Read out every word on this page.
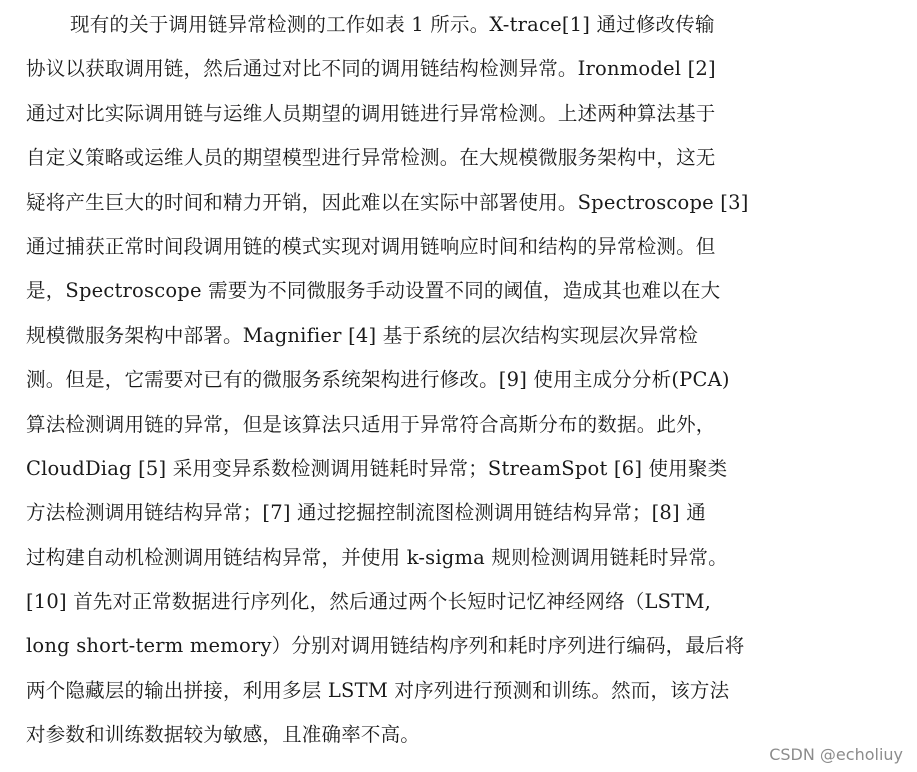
现有的关于调用链异常检测的工作如表 1 所示。X-trace[1] 通过修改传输
协议以获取调用链，然后通过对比不同的调用链结构检测异常。Ironmodel [2]
通过对比实际调用链与运维人员期望的调用链进行异常检测。上述两种算法基于
自定义策略或运维人员的期望模型进行异常检测。在大规模微服务架构中，这无
疑将产生巨大的时间和精力开销，因此难以在实际中部署使用。Spectroscope [3]
通过捕获正常时间段调用链的模式实现对调用链响应时间和结构的异常检测。但
是，Spectroscope 需要为不同微服务手动设置不同的阈值，造成其也难以在大
规模微服务架构中部署。Magnifier [4] 基于系统的层次结构实现层次异常检
测。但是，它需要对已有的微服务系统架构进行修改。[9] 使用主成分分析(PCA)
算法检测调用链的异常，但是该算法只适用于异常符合高斯分布的数据。此外，
CloudDiag [5] 采用变异系数检测调用链耗时异常；StreamSpot [6] 使用聚类
方法检测调用链结构异常；[7] 通过挖掘控制流图检测调用链结构异常；[8] 通
过构建自动机检测调用链结构异常，并使用 k-sigma 规则检测调用链耗时异常。
[10] 首先对正常数据进行序列化，然后通过两个长短时记忆神经网络（LSTM,
long short-term memory）分别对调用链结构序列和耗时序列进行编码，最后将
两个隐藏层的输出拼接，利用多层 LSTM 对序列进行预测和训练。然而，该方法
对参数和训练数据较为敏感，且准确率不高。
CSDN @echoliuy
